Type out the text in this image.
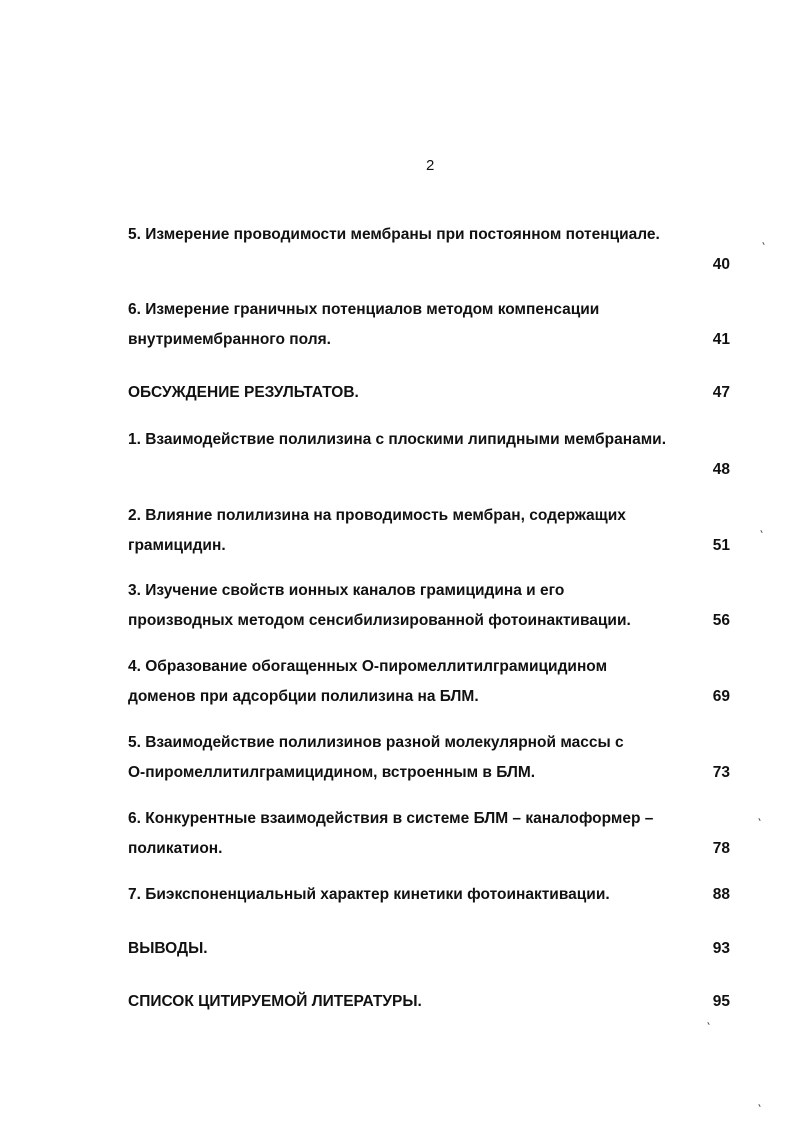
2
5. Измерение проводимости мембраны при постоянном потенциале.
40
6. Измерение граничных потенциалов методом компенсации
внутримембранного поля.	41
ОБСУЖДЕНИЕ РЕЗУЛЬТАТОВ.	47
1. Взаимодействие полилизина с плоскими липидными мембранами.
48
2. Влияние полилизина на проводимость мембран, содержащих
грамицидин.	51
3. Изучение свойств ионных каналов грамицидина и его
производных методом сенсибилизированной фотоинактивации.	56
4. Образование обогащенных О-пиромеллитилграмицидином
доменов при адсорбции полилизина на БЛМ.	69
5. Взаимодействие полилизинов разной молекулярной массы с
О-пиромеллитилграмицидином, встроенным в БЛМ.	73
6. Конкурентные взаимодействия в системе БЛМ – каналоформер –
поликатион.	78
7. Биэкспоненциальный характер кинетики фотоинактивации.	88
ВЫВОДЫ.	93
СПИСОК ЦИТИРУЕМОЙ ЛИТЕРАТУРЫ.	95
